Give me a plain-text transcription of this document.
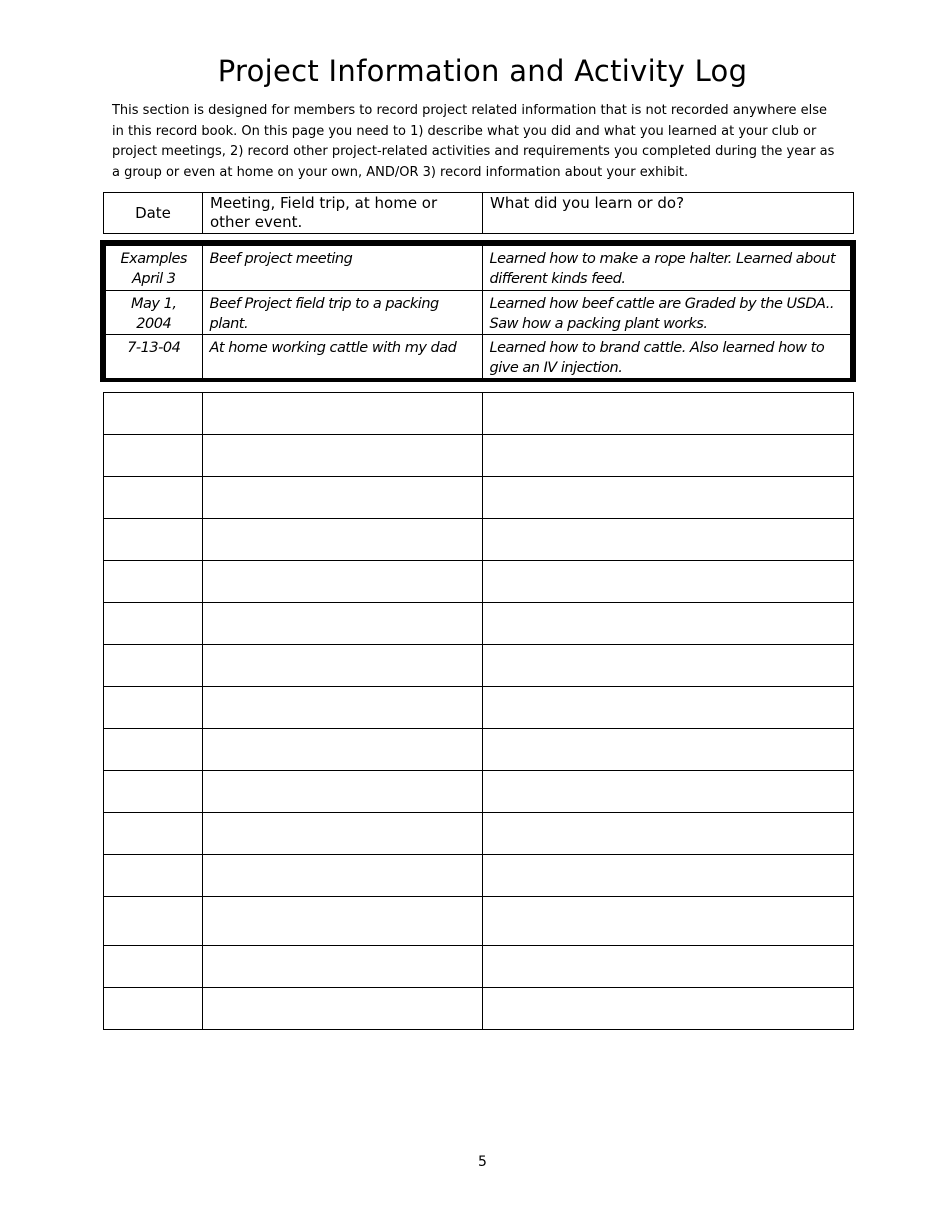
Project Information and Activity Log
This section is designed for members to record project related information that is not recorded anywhere else in this record book. On this page you need to 1) describe what you did and what you learned at your club or project meetings, 2) record other project-related activities and requirements you completed during the year as a group or even at home on your own, AND/OR 3) record information about your exhibit.
Date	Meeting, Field trip, at home or other event.	What did you learn or do?
Examples April 3	Beef project meeting	Learned how to make a rope halter. Learned about different kinds feed.
May 1, 2004	Beef Project field trip to a packing plant.	Learned how beef cattle are Graded by the USDA.. Saw how a packing plant works.
7-13-04	At home working cattle with my dad	Learned how to brand cattle. Also learned how to give an IV injection.

5
